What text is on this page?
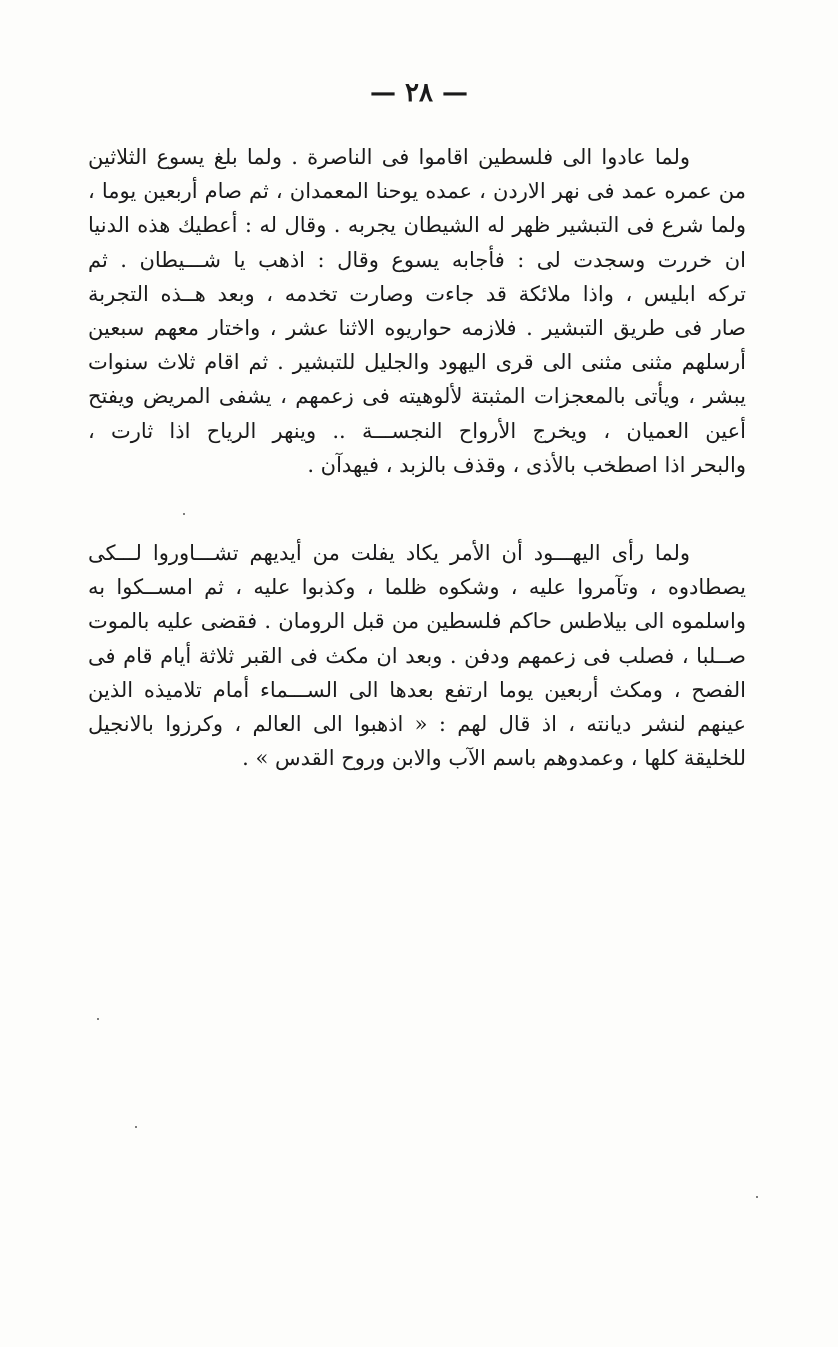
— ٢٨ —
ولما عادوا الى فلسطين اقاموا فى الناصرة . ولما بلغ يسوع الثلاثين
من عمره عمد فى نهر الاردن ، عمده يوحنا المعمدان ، ثم صام أربعين يوما ،
ولما شرع فى التبشير ظهر له الشيطان يجربه . وقال له : أعطيك هذه الدنيا
ان خررت وسجدت لى : فأجابه يسوع وقال : اذهب يا شـــيطان . ثم
تركه ابليس ، واذا ملائكة قد جاءت وصارت تخدمه ، وبعد هــذه التجربة
صار فى طريق التبشير . فلازمه حواريوه الاثنا عشر ، واختار معهم سبعين
أرسلهم مثنى مثنى الى قرى اليهود والجليل للتبشير . ثم اقام ثلاث سنوات
يبشر ، ويأتى بالمعجزات المثبتة لألوهيته فى زعمهم ، يشفى المريض ويفتح
أعين العميان ، ويخرج الأرواح النجســـة .. وينهر الرياح اذا ثارت ،
والبحر اذا اصطخب بالأذى ، وقذف بالزبد ، فيهدآن .
ولما رأى اليهـــود أن الأمر يكاد يفلت من أيديهم تشـــاوروا لـــكى
يصطادوه ، وتآمروا عليه ، وشكوه ظلما ، وكذبوا عليه ، ثم امســكوا به
واسلموه الى بيلاطس حاكم فلسطين من قبل الرومان . فقضى عليه بالموت
صــلبا ، فصلب فى زعمهم ودفن . وبعد ان مكث فى القبر ثلاثة أيام قام فى
الفصح ، ومكث أربعين يوما ارتفع بعدها الى الســـماء أمام تلاميذه الذين
عينهم لنشر ديانته ، اذ قال لهم : « اذهبوا الى العالم ، وكرزوا بالانجيل
للخليقة كلها ، وعمدوهم باسم الآب والابن وروح القدس » .
